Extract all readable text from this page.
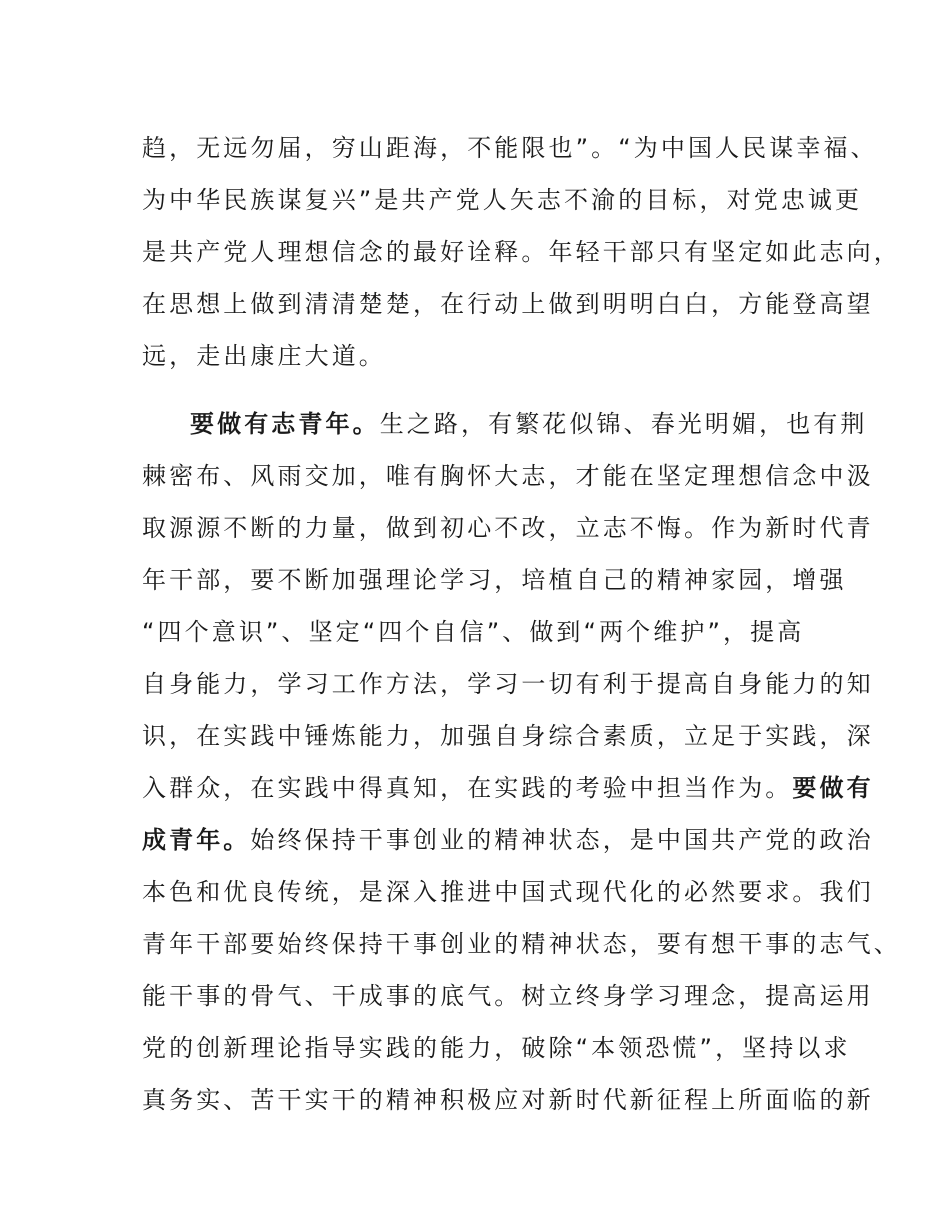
趋，无远勿届，穷山距海，不能限也”。“为中国人民谋幸福、
为中华民族谋复兴”是共产党人矢志不渝的目标，对党忠诚更
是共产党人理想信念的最好诠释。年轻干部只有坚定如此志向，
在思想上做到清清楚楚，在行动上做到明明白白，方能登高望
远，走出康庄大道。
要做有志青年。生之路，有繁花似锦、春光明媚，也有荆
棘密布、风雨交加，唯有胸怀大志，才能在坚定理想信念中汲
取源源不断的力量，做到初心不改，立志不悔。作为新时代青
年干部，要不断加强理论学习，培植自己的精神家园，增强
“四个意识”、坚定“四个自信”、做到“两个维护”，提高
自身能力，学习工作方法，学习一切有利于提高自身能力的知
识，在实践中锤炼能力，加强自身综合素质，立足于实践，深
入群众，在实践中得真知，在实践的考验中担当作为。要做有
成青年。始终保持干事创业的精神状态，是中国共产党的政治
本色和优良传统，是深入推进中国式现代化的必然要求。我们
青年干部要始终保持干事创业的精神状态，要有想干事的志气、
能干事的骨气、干成事的底气。树立终身学习理念，提高运用
党的创新理论指导实践的能力，破除“本领恐慌”，坚持以求
真务实、苦干实干的精神积极应对新时代新征程上所面临的新
